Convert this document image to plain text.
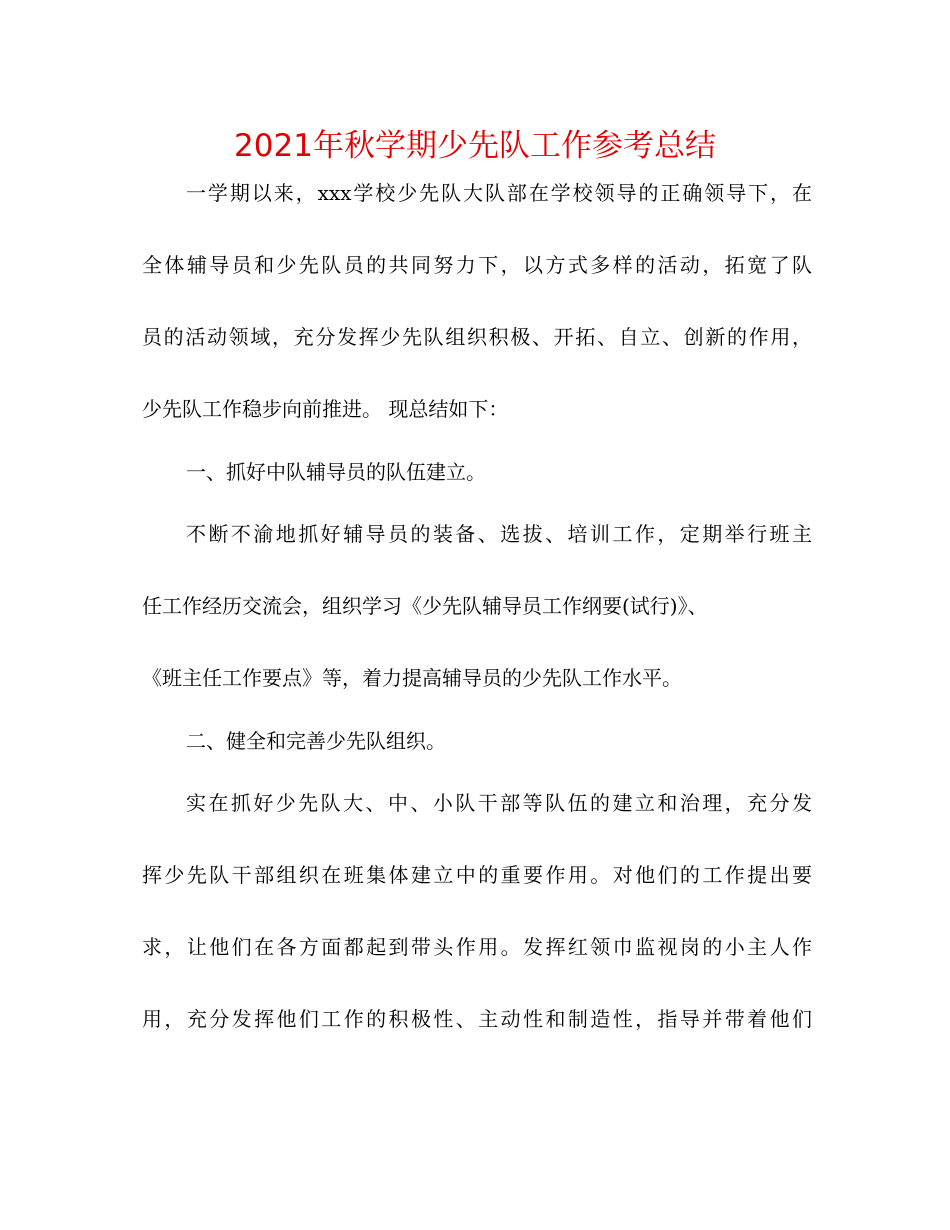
2021年秋学期少先队工作参考总结

一学期以来，xxx学校少先队大队部在学校领导的正确领导下，在

全体辅导员和少先队员的共同努力下，以方式多样的活动，拓宽了队

员的活动领域，充分发挥少先队组织积极、开拓、自立、创新的作用，

少先队工作稳步向前推进。 现总结如下：

一、抓好中队辅导员的队伍建立。

不断不渝地抓好辅导员的装备、选拔、培训工作，定期举行班主

任工作经历交流会，组织学习《少先队辅导员工作纲要(试行)》、

《班主任工作要点》等，着力提高辅导员的少先队工作水平。

二、健全和完善少先队组织。

实在抓好少先队大、中、小队干部等队伍的建立和治理，充分发

挥少先队干部组织在班集体建立中的重要作用。对他们的工作提出要

求，让他们在各方面都起到带头作用。发挥红领巾监视岗的小主人作

用，充分发挥他们工作的积极性、主动性和制造性，指导并带着他们
